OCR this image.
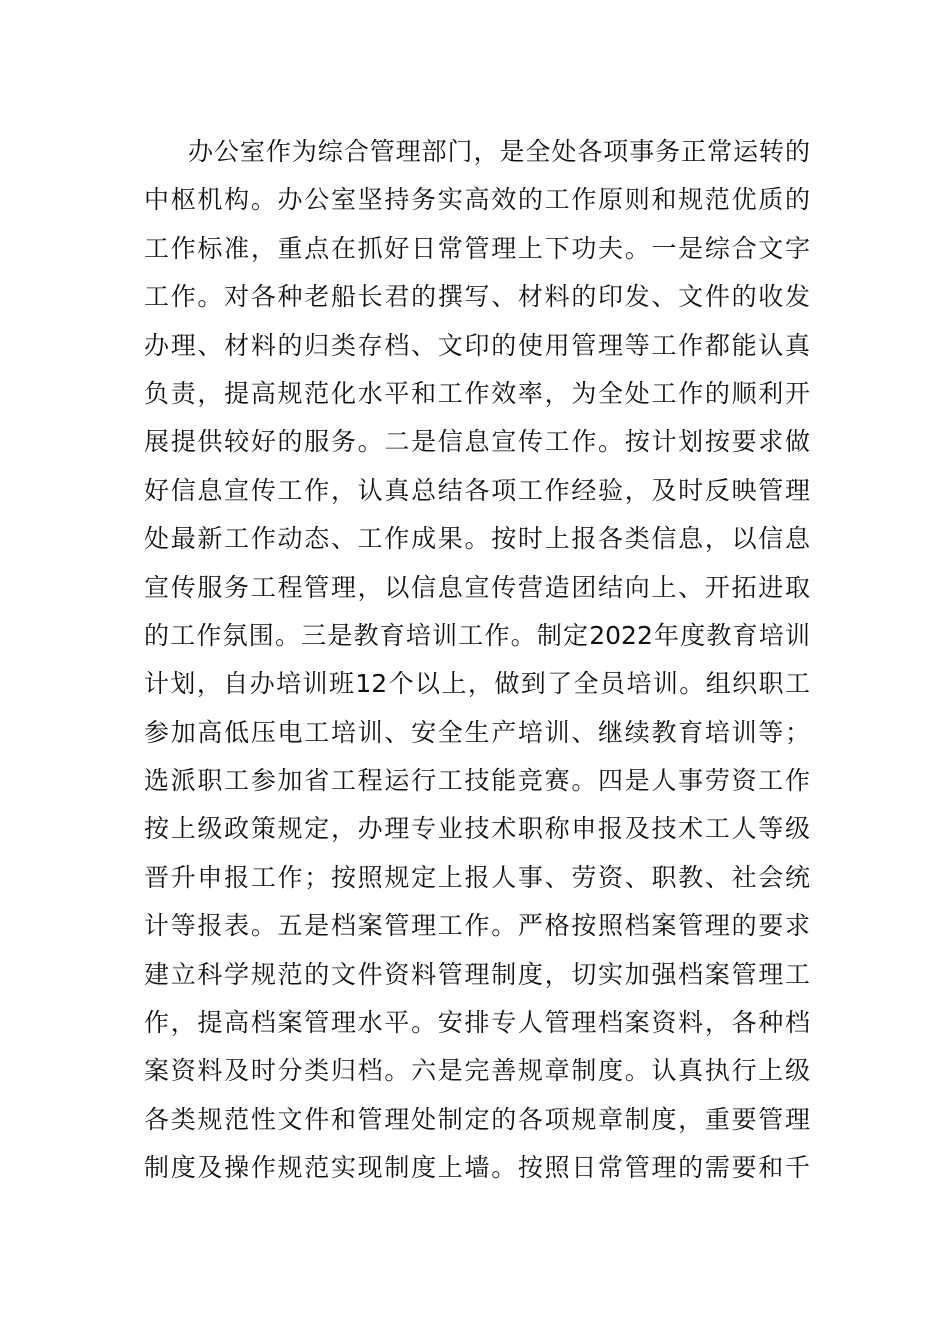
办公室作为综合管理部门，是全处各项事务正常运转的
中枢机构。办公室坚持务实高效的工作原则和规范优质的
工作标准，重点在抓好日常管理上下功夫。一是综合文字
工作。对各种老船长君的撰写、材料的印发、文件的收发
办理、材料的归类存档、文印的使用管理等工作都能认真
负责，提高规范化水平和工作效率，为全处工作的顺利开
展提供较好的服务。二是信息宣传工作。按计划按要求做
好信息宣传工作，认真总结各项工作经验，及时反映管理
处最新工作动态、工作成果。按时上报各类信息，以信息
宣传服务工程管理，以信息宣传营造团结向上、开拓进取
的工作氛围。三是教育培训工作。制定2022年度教育培训
计划，自办培训班12个以上，做到了全员培训。组织职工
参加高低压电工培训、安全生产培训、继续教育培训等；
选派职工参加省工程运行工技能竞赛。四是人事劳资工作
按上级政策规定，办理专业技术职称申报及技术工人等级
晋升申报工作；按照规定上报人事、劳资、职教、社会统
计等报表。五是档案管理工作。严格按照档案管理的要求
建立科学规范的文件资料管理制度，切实加强档案管理工
作，提高档案管理水平。安排专人管理档案资料，各种档
案资料及时分类归档。六是完善规章制度。认真执行上级
各类规范性文件和管理处制定的各项规章制度，重要管理
制度及操作规范实现制度上墙。按照日常管理的需要和千
